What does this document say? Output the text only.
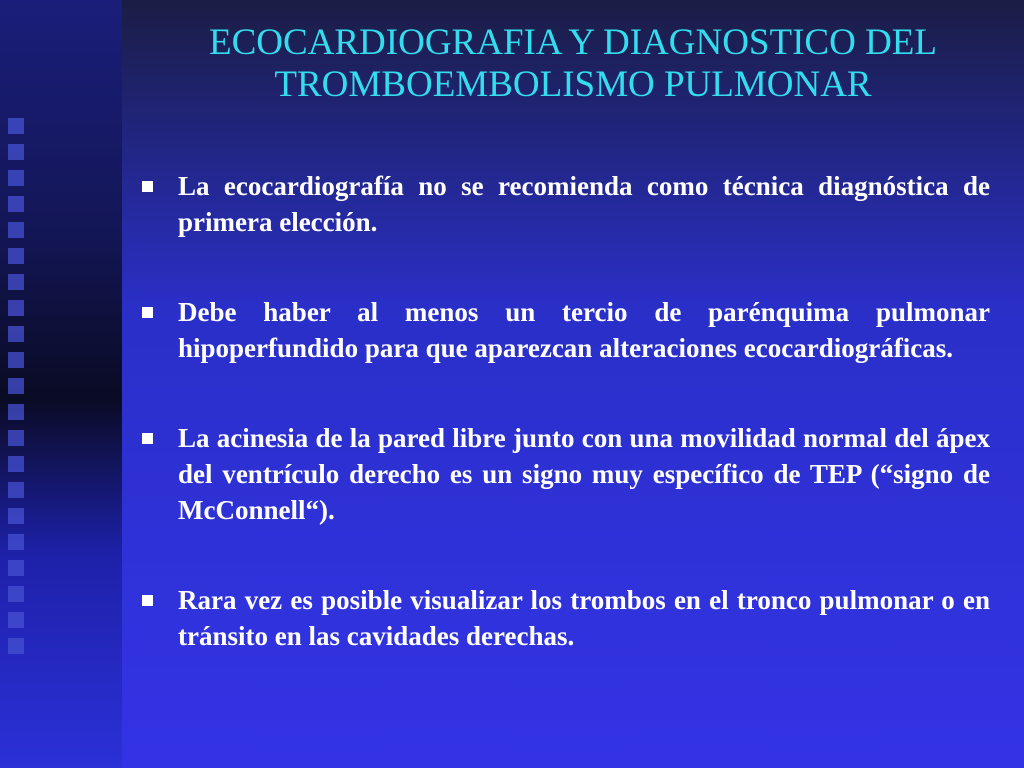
ECOCARDIOGRAFIA Y DIAGNOSTICO DEL
TROMBOEMBOLISMO PULMONAR
La ecocardiografía no se recomienda como técnica diagnóstica de primera elección.
Debe haber al menos un tercio de parénquima pulmonar hipoperfundido para que aparezcan alteraciones ecocardiográficas.
La acinesia de la pared libre junto con una movilidad normal del ápex del ventrículo derecho es un signo muy específico de TEP (“signo de McConnell“).
Rara vez es posible visualizar los trombos en el tronco pulmonar o en tránsito en las cavidades derechas.
